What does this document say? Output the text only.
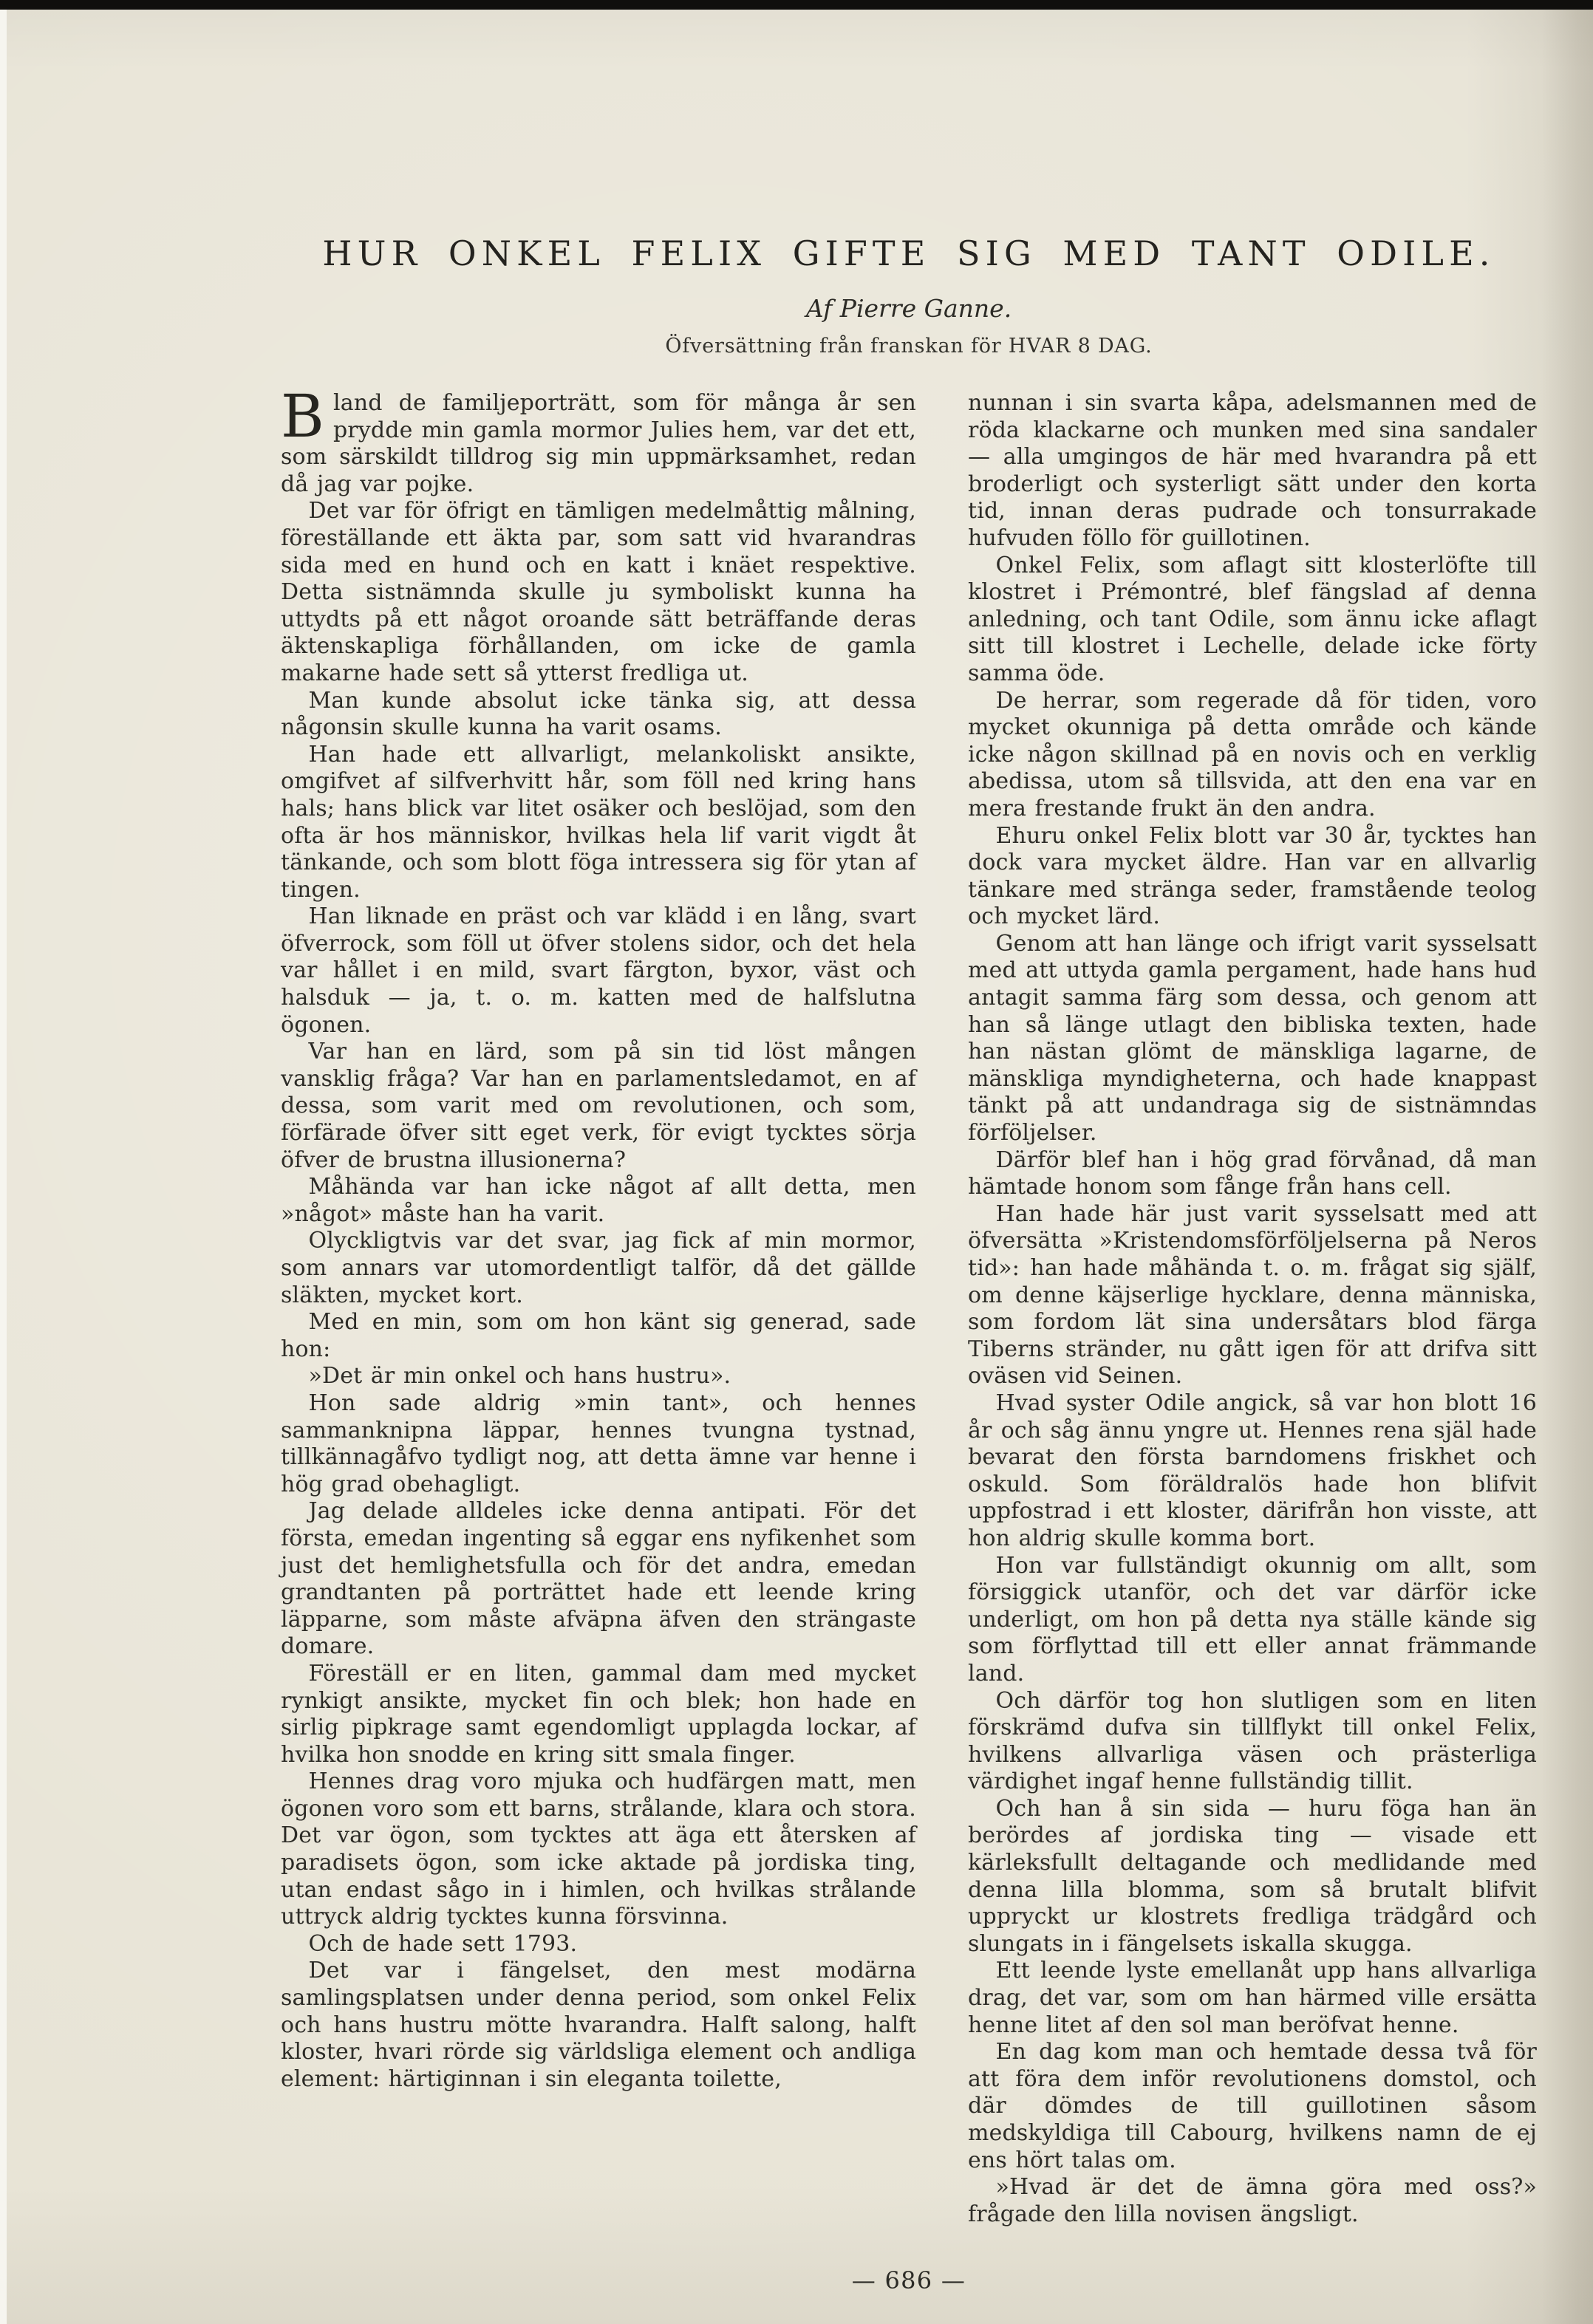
HUR ONKEL FELIX GIFTE SIG MED TANT ODILE.
Af Pierre Ganne.
Öfversättning från franskan för HVAR 8 DAG.

Bland de familjeporträtt, som för många år sen prydde min gamla mormor Julies hem, var det ett, som särskildt tilldrog sig min uppmärksamhet, redan då jag var pojke.

Det var för öfrigt en tämligen medelmåttig målning, föreställande ett äkta par, som satt vid hvarandras sida med en hund och en katt i knäet respektive. Detta sistnämnda skulle ju symboliskt kunna ha uttydts på ett något oroande sätt beträffande deras äktenskapliga förhållanden, om icke de gamla makarne hade sett så ytterst fredliga ut.

Man kunde absolut icke tänka sig, att dessa någonsin skulle kunna ha varit osams.

Han hade ett allvarligt, melankoliskt ansikte, omgifvet af silfverhvitt hår, som föll ned kring hans hals; hans blick var litet osäker och beslöjad, som den ofta är hos människor, hvilkas hela lif varit vigdt åt tänkande, och som blott föga intressera sig för ytan af tingen.

Han liknade en präst och var klädd i en lång, svart öfverrock, som föll ut öfver stolens sidor, och det hela var hållet i en mild, svart färgton, byxor, väst och halsduk — ja, t. o. m. katten med de halfslutna ögonen.

Var han en lärd, som på sin tid löst mången vansklig fråga? Var han en parlamentsledamot, en af dessa, som varit med om revolutionen, och som, förfärade öfver sitt eget verk, för evigt tycktes sörja öfver de brustna illusionerna?

Måhända var han icke något af allt detta, men »något» måste han ha varit.

Olyckligtvis var det svar, jag fick af min mormor, som annars var utomordentligt talför, då det gällde släkten, mycket kort.

Med en min, som om hon känt sig generad, sade hon:

»Det är min onkel och hans hustru».

Hon sade aldrig »min tant», och hennes sammanknipna läppar, hennes tvungna tystnad, tillkännagåfvo tydligt nog, att detta ämne var henne i hög grad obehagligt.

Jag delade alldeles icke denna antipati. För det första, emedan ingenting så eggar ens nyfikenhet som just det hemlighetsfulla och för det andra, emedan grandtanten på porträttet hade ett leende kring läpparne, som måste afväpna äfven den strängaste domare.

Föreställ er en liten, gammal dam med mycket rynkigt ansikte, mycket fin och blek; hon hade en sirlig pipkrage samt egendomligt upplagda lockar, af hvilka hon snodde en kring sitt smala finger.

Hennes drag voro mjuka och hudfärgen matt, men ögonen voro som ett barns, strålande, klara och stora. Det var ögon, som tycktes att äga ett återsken af paradisets ögon, som icke aktade på jordiska ting, utan endast sågo in i himlen, och hvilkas strålande uttryck aldrig tycktes kunna försvinna.

Och de hade sett 1793.

Det var i fängelset, den mest modärna samlingsplatsen under denna period, som onkel Felix och hans hustru mötte hvarandra. Halft salong, halft kloster, hvari rörde sig världsliga element och andliga element: härtiginnan i sin eleganta toilette,

nunnan i sin svarta kåpa, adelsmannen med de röda klackarne och munken med sina sandaler — alla umgingos de här med hvarandra på ett broderligt och systerligt sätt under den korta tid, innan deras pudrade och tonsurrakade hufvuden föllo för guillotinen.

Onkel Felix, som aflagt sitt klosterlöfte till klostret i Prémontré, blef fängslad af denna anledning, och tant Odile, som ännu icke aflagt sitt till klostret i Lechelle, delade icke förty samma öde.

De herrar, som regerade då för tiden, voro mycket okunniga på detta område och kände icke någon skillnad på en novis och en verklig abedissa, utom så tillsvida, att den ena var en mera frestande frukt än den andra.

Ehuru onkel Felix blott var 30 år, tycktes han dock vara mycket äldre. Han var en allvarlig tänkare med stränga seder, framstående teolog och mycket lärd.

Genom att han länge och ifrigt varit sysselsatt med att uttyda gamla pergament, hade hans hud antagit samma färg som dessa, och genom att han så länge utlagt den bibliska texten, hade han nästan glömt de mänskliga lagarne, de mänskliga myndigheterna, och hade knappast tänkt på att undandraga sig de sistnämndas förföljelser.

Därför blef han i hög grad förvånad, då man hämtade honom som fånge från hans cell.

Han hade här just varit sysselsatt med att öfversätta »Kristendomsförföljelserna på Neros tid»: han hade måhända t. o. m. frågat sig själf, om denne käjserlige hycklare, denna människa, som fordom lät sina undersåtars blod färga Tiberns stränder, nu gått igen för att drifva sitt oväsen vid Seinen.

Hvad syster Odile angick, så var hon blott 16 år och såg ännu yngre ut. Hennes rena själ hade bevarat den första barndomens friskhet och oskuld. Som föräldralös hade hon blifvit uppfostrad i ett kloster, därifrån hon visste, att hon aldrig skulle komma bort.

Hon var fullständigt okunnig om allt, som försiggick utanför, och det var därför icke underligt, om hon på detta nya ställe kände sig som förflyttad till ett eller annat främmande land.

Och därför tog hon slutligen som en liten förskrämd dufva sin tillflykt till onkel Felix, hvilkens allvarliga väsen och prästerliga värdighet ingaf henne fullständig tillit.

Och han å sin sida — huru föga han än berördes af jordiska ting — visade ett kärleksfullt deltagande och medlidande med denna lilla blomma, som så brutalt blifvit uppryckt ur klostrets fredliga trädgård och slungats in i fängelsets iskalla skugga.

Ett leende lyste emellanåt upp hans allvarliga drag, det var, som om han härmed ville ersätta henne litet af den sol man beröfvat henne.

En dag kom man och hemtade dessa två för att föra dem inför revolutionens domstol, och där dömdes de till guillotinen såsom medskyldiga till Cabourg, hvilkens namn de ej ens hört talas om.

»Hvad är det de ämna göra med oss?» frågade den lilla novisen ängsligt.

— 686 —
